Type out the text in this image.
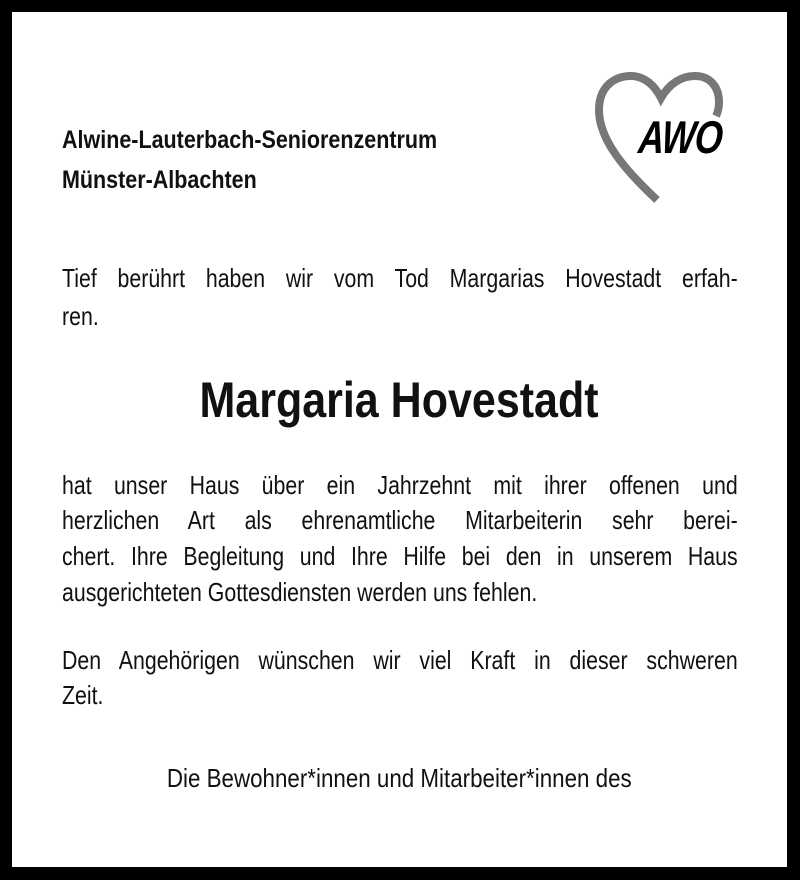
Alwine-Lauterbach-Seniorenzentrum
Münster-Albachten
AWO
Tief berührt haben wir vom Tod Margarias Hovestadt erfah-
ren.
Margaria Hovestadt
hat unser Haus über ein Jahrzehnt mit ihrer offenen und
herzlichen Art als ehrenamtliche Mitarbeiterin sehr berei-
chert. Ihre Begleitung und Ihre Hilfe bei den in unserem Haus
ausgerichteten Gottesdiensten werden uns fehlen.
Den Angehörigen wünschen wir viel Kraft in dieser schweren
Zeit.
Die Bewohner*innen und Mitarbeiter*innen des
